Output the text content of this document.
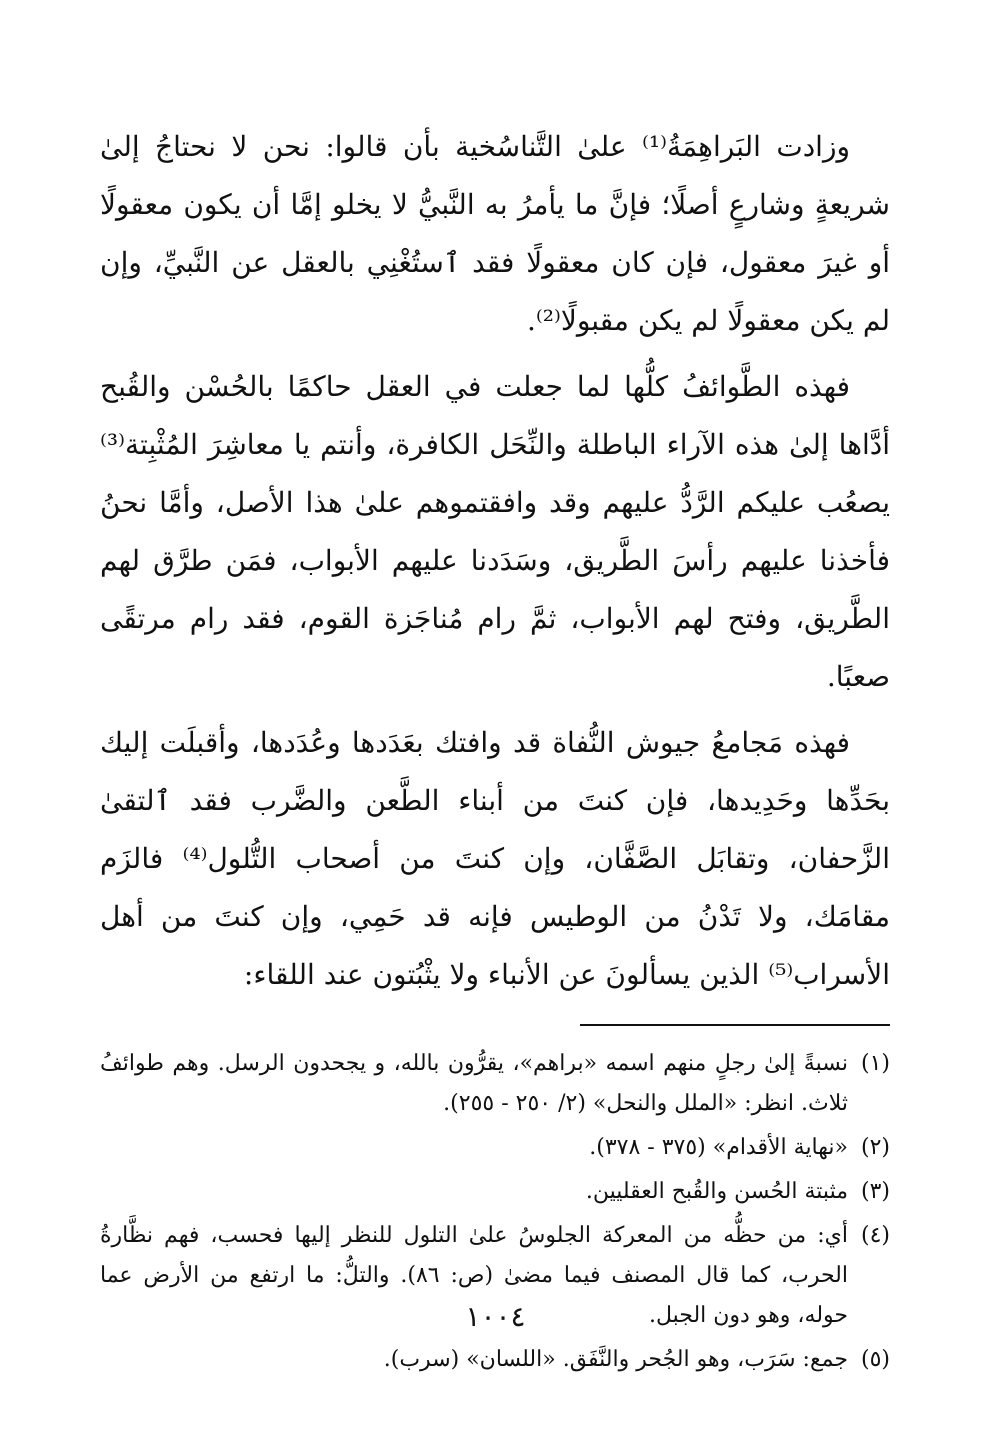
وزادت البَراهِمَةُ⁽¹⁾ علىٰ التَّناسُخية بأن قالوا: نحن لا نحتاجُ إلىٰ شريعةٍ وشارعٍ أصلًا؛ فإنَّ ما يأمرُ به النَّبيُّ لا يخلو إمَّا أن يكون معقولًا أو غيرَ معقول، فإن كان معقولًا فقد ٱستُغْنِي بالعقل عن النَّبيِّ، وإن لم يكن معقولًا لم يكن مقبولًا⁽²⁾.

فهذه الطَّوائفُ كلُّها لما جعلت في العقل حاكمًا بالحُسْن والقُبح أدَّاها إلىٰ هذه الآراء الباطلة والنِّحَل الكافرة، وأنتم يا معاشِرَ المُثْبِتة⁽³⁾ يصعُب عليكم الرَّدُّ عليهم وقد وافقتموهم علىٰ هذا الأصل، وأمَّا نحنُ فأخذنا عليهم رأسَ الطَّريق، وسَدَدنا عليهم الأبواب، فمَن طرَّق لهم الطَّريق، وفتح لهم الأبواب، ثمَّ رام مُناجَزة القوم، فقد رام مرتقًى صعبًا.

فهذه مَجامعُ جيوش النُّفاة قد وافتك بعَدَدها وعُدَدها، وأقبلَت إليك بحَدِّها وحَدِيدها، فإن كنتَ من أبناء الطَّعن والضَّرب فقد ٱلتقىٰ الزَّحفان، وتقابَل الصَّفَّان، وإن كنتَ من أصحاب التُّلول⁽⁴⁾ فالزَم مقامَك، ولا تَدْنُ من الوطيس فإنه قد حَمِي، وإن كنتَ من أهل الأسراب⁽⁵⁾ الذين يسألونَ عن الأنباء ولا يثْبُتون عند اللقاء:

(١)
نسبةً إلىٰ رجلٍ منهم اسمه «براهم»، يقرُّون بالله، و يجحدون الرسل. وهم طوائفُ ثلاث. انظر: «الملل والنحل» (٢/ ٢٥٠ - ٢٥٥).
(٢)
«نهاية الأقدام» (٣٧٥ - ٣٧٨).
(٣)
مثبتة الحُسن والقُبح العقليين.
(٤)
أي: من حظُّه من المعركة الجلوسُ علىٰ التلول للنظر إليها فحسب، فهم نظَّارةُ الحرب، كما قال المصنف فيما مضىٰ (ص: ٨٦). والتلُّ: ما ارتفع من الأرض عما حوله، وهو دون الجبل.
(٥)
جمع: سَرَب، وهو الجُحر والنَّفَق. «اللسان» (سرب).
١٠٠٤
